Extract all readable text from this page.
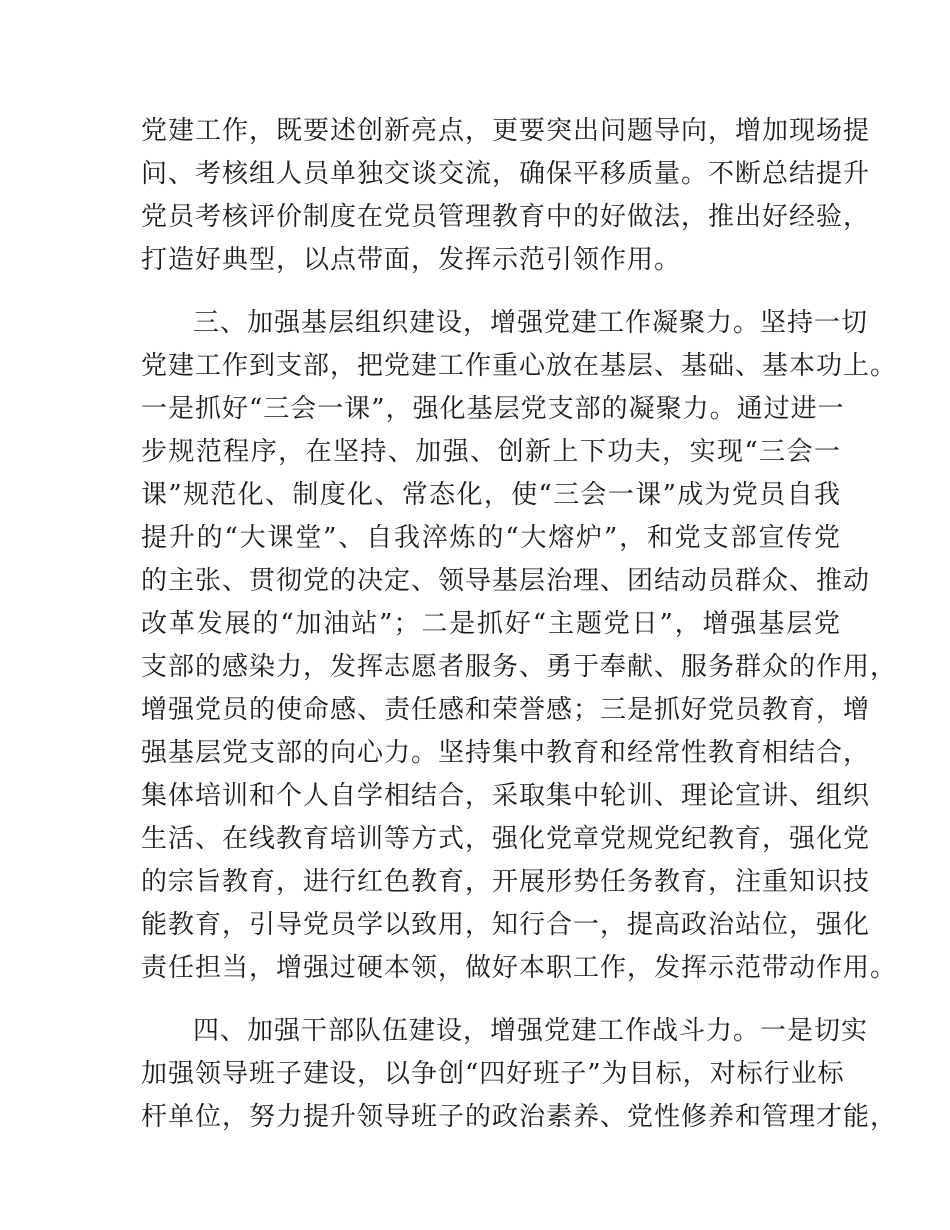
党建工作，既要述创新亮点，更要突出问题导向，增加现场提
问、考核组人员单独交谈交流，确保平移质量。不断总结提升
党员考核评价制度在党员管理教育中的好做法，推出好经验，
打造好典型，以点带面，发挥示范引领作用。
三、加强基层组织建设，增强党建工作凝聚力。坚持一切
党建工作到支部，把党建工作重心放在基层、基础、基本功上。
一是抓好“三会一课”，强化基层党支部的凝聚力。通过进一
步规范程序，在坚持、加强、创新上下功夫，实现“三会一
课”规范化、制度化、常态化，使“三会一课”成为党员自我
提升的“大课堂”、自我淬炼的“大熔炉”，和党支部宣传党
的主张、贯彻党的决定、领导基层治理、团结动员群众、推动
改革发展的“加油站”；二是抓好“主题党日”，增强基层党
支部的感染力，发挥志愿者服务、勇于奉献、服务群众的作用，
增强党员的使命感、责任感和荣誉感；三是抓好党员教育，增
强基层党支部的向心力。坚持集中教育和经常性教育相结合，
集体培训和个人自学相结合，采取集中轮训、理论宣讲、组织
生活、在线教育培训等方式，强化党章党规党纪教育，强化党
的宗旨教育，进行红色教育，开展形势任务教育，注重知识技
能教育，引导党员学以致用，知行合一，提高政治站位，强化
责任担当，增强过硬本领，做好本职工作，发挥示范带动作用。
四、加强干部队伍建设，增强党建工作战斗力。一是切实
加强领导班子建设，以争创“四好班子”为目标，对标行业标
杆单位，努力提升领导班子的政治素养、党性修养和管理才能，
